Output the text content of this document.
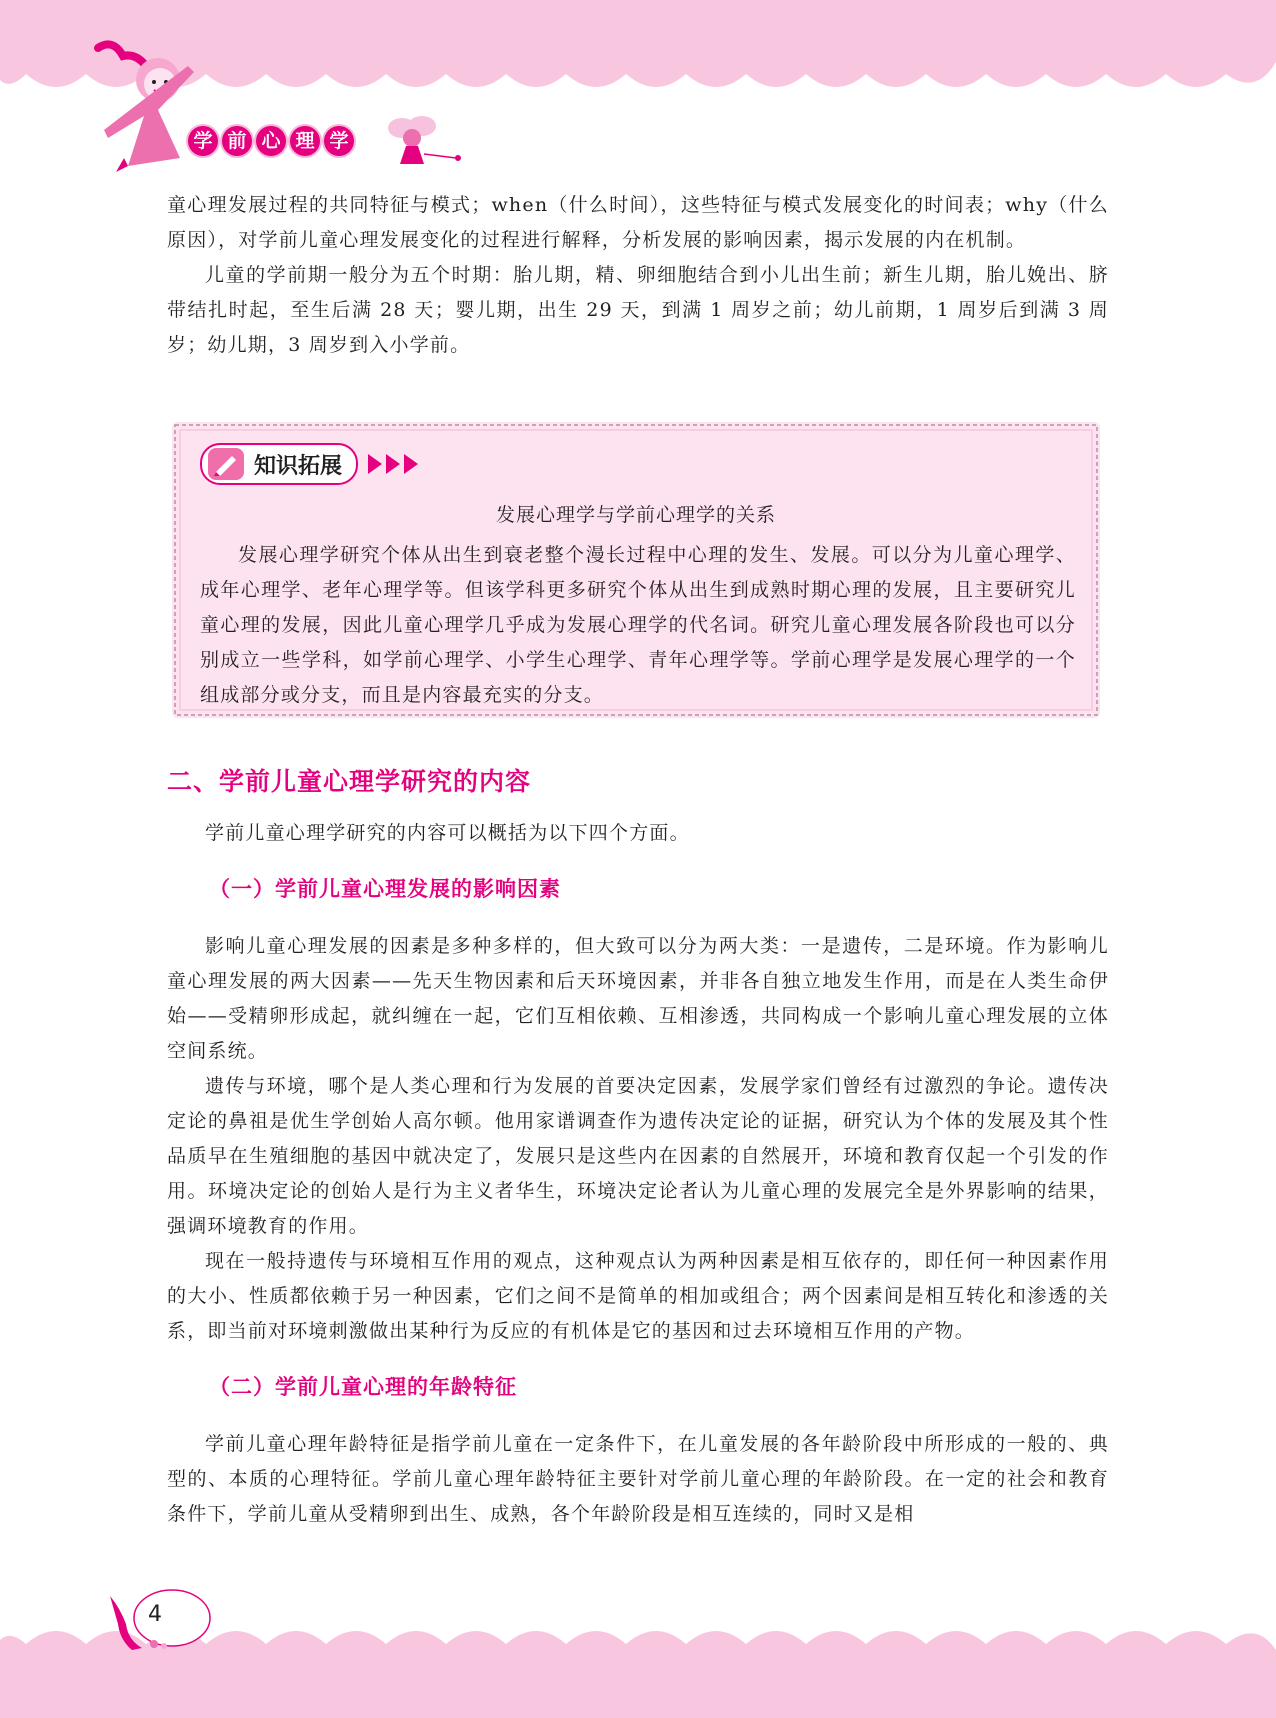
学 前 心 理 学

童心理发展过程的共同特征与模式；when（什么时间），这些特征与模式发展变化的时间表；why（什么原因），对学前儿童心理发展变化的过程进行解释，分析发展的影响因素，揭示发展的内在机制。

儿童的学前期一般分为五个时期：胎儿期，精、卵细胞结合到小儿出生前；新生儿期，胎儿娩出、脐带结扎时起，至生后满 28 天；婴儿期，出生 29 天，到满 1 周岁之前；幼儿前期，1 周岁后到满 3 周岁；幼儿期，3 周岁到入小学前。

知识拓展
发展心理学与学前心理学的关系

发展心理学研究个体从出生到衰老整个漫长过程中心理的发生、发展。可以分为儿童心理学、成年心理学、老年心理学等。但该学科更多研究个体从出生到成熟时期心理的发展，且主要研究儿童心理的发展，因此儿童心理学几乎成为发展心理学的代名词。研究儿童心理发展各阶段也可以分别成立一些学科，如学前心理学、小学生心理学、青年心理学等。学前心理学是发展心理学的一个组成部分或分支，而且是内容最充实的分支。

二、学前儿童心理学研究的内容

学前儿童心理学研究的内容可以概括为以下四个方面。

（一）学前儿童心理发展的影响因素

影响儿童心理发展的因素是多种多样的，但大致可以分为两大类：一是遗传，二是环境。作为影响儿童心理发展的两大因素——先天生物因素和后天环境因素，并非各自独立地发生作用，而是在人类生命伊始——受精卵形成起，就纠缠在一起，它们互相依赖、互相渗透，共同构成一个影响儿童心理发展的立体空间系统。

遗传与环境，哪个是人类心理和行为发展的首要决定因素，发展学家们曾经有过激烈的争论。遗传决定论的鼻祖是优生学创始人高尔顿。他用家谱调查作为遗传决定论的证据，研究认为个体的发展及其个性品质早在生殖细胞的基因中就决定了，发展只是这些内在因素的自然展开，环境和教育仅起一个引发的作用。环境决定论的创始人是行为主义者华生，环境决定论者认为儿童心理的发展完全是外界影响的结果，强调环境教育的作用。

现在一般持遗传与环境相互作用的观点，这种观点认为两种因素是相互依存的，即任何一种因素作用的大小、性质都依赖于另一种因素，它们之间不是简单的相加或组合；两个因素间是相互转化和渗透的关系，即当前对环境刺激做出某种行为反应的有机体是它的基因和过去环境相互作用的产物。

（二）学前儿童心理的年龄特征

学前儿童心理年龄特征是指学前儿童在一定条件下，在儿童发展的各年龄阶段中所形成的一般的、典型的、本质的心理特征。学前儿童心理年龄特征主要针对学前儿童心理的年龄阶段。在一定的社会和教育条件下，学前儿童从受精卵到出生、成熟，各个年龄阶段是相互连续的，同时又是相

4
